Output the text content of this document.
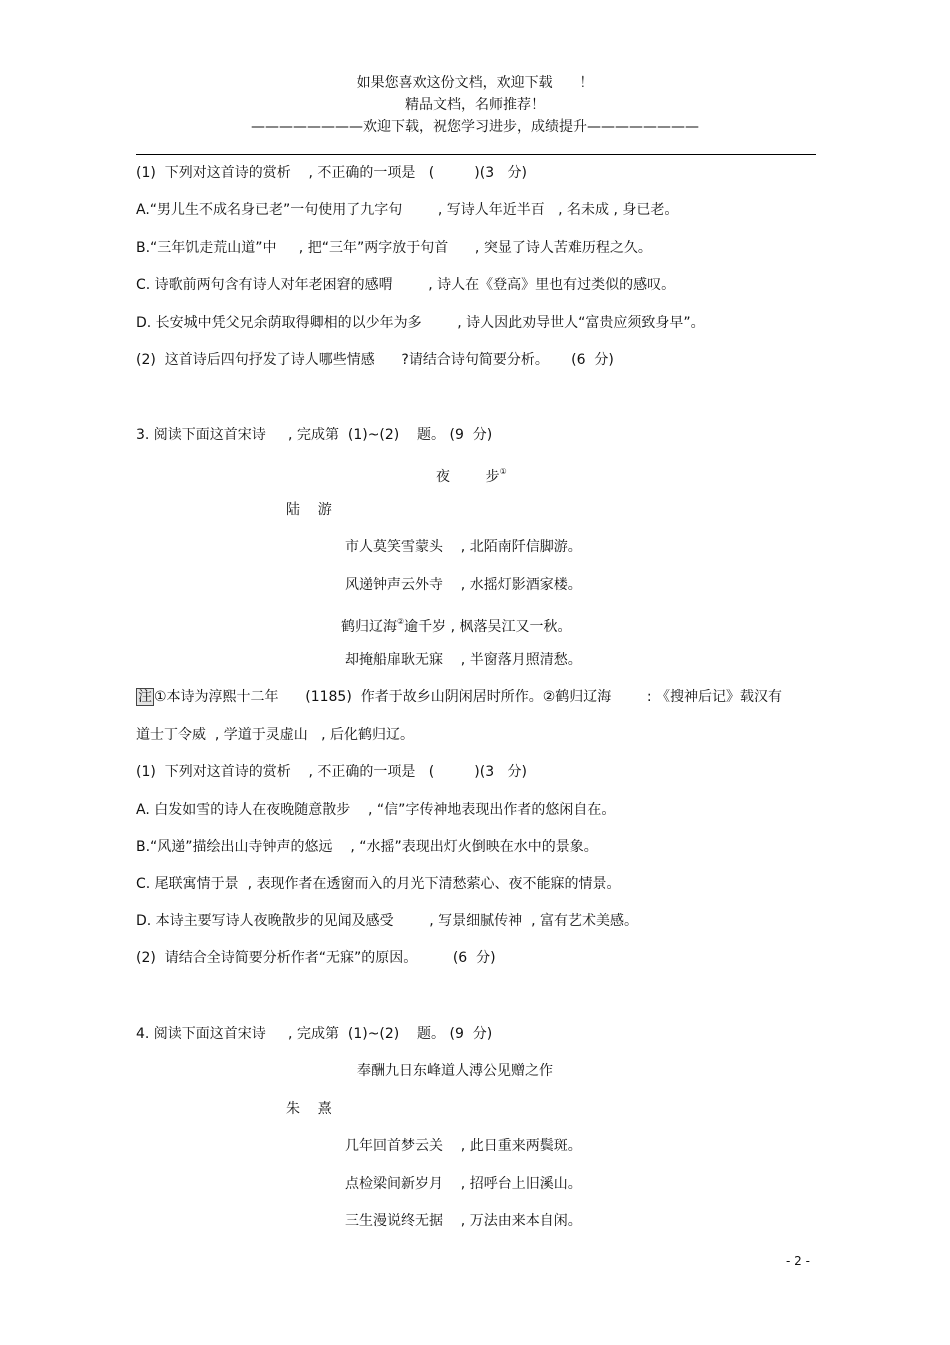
如果您喜欢这份文档，欢迎下载      ！
精品文档，名师推荐！
————————欢迎下载，祝您学习进步，成绩提升————————
(1)  下列对这首诗的赏析    , 不正确的一项是   (         )(3   分)
A.“男儿生不成名身已老”一句使用了九字句        , 写诗人年近半百   , 名未成 , 身已老。
B.“三年饥走荒山道”中     , 把“三年”两字放于句首      , 突显了诗人苦难历程之久。
C. 诗歌前两句含有诗人对年老困窘的感喟        , 诗人在《登高》里也有过类似的感叹。
D. 长安城中凭父兄余荫取得卿相的以少年为多        , 诗人因此劝导世人“富贵应须致身早”。
(2)  这首诗后四句抒发了诗人哪些情感      ?请结合诗句简要分析。     (6  分)
3. 阅读下面这首宋诗     , 完成第  (1)~(2)    题。 (9  分)
夜        步①
陆    游
市人莫笑雪蒙头    , 北陌南阡信脚游。
风递钟声云外寺    , 水摇灯影酒家楼。
鹤归辽海②逾千岁 , 枫落吴江又一秋。
却掩船扉耿无寐    , 半窗落月照清愁。
注 ①本诗为淳熙十二年      (1185)  作者于故乡山阴闲居时所作。②鹤归辽海        : 《搜神后记》载汉有
道士丁令威  , 学道于灵虚山   , 后化鹤归辽。
(1)  下列对这首诗的赏析    , 不正确的一项是   (         )(3   分)
A. 白发如雪的诗人在夜晚随意散步    , “信”字传神地表现出作者的悠闲自在。
B.“风递”描绘出山寺钟声的悠远    , “水摇”表现出灯火倒映在水中的景象。
C. 尾联寓情于景  , 表现作者在透窗而入的月光下清愁萦心、夜不能寐的情景。
D. 本诗主要写诗人夜晚散步的见闻及感受        , 写景细腻传神  , 富有艺术美感。
(2)  请结合全诗简要分析作者“无寐”的原因。        (6  分)
4. 阅读下面这首宋诗     , 完成第  (1)~(2)    题。 (9  分)
奉酬九日东峰道人溥公见赠之作
朱    熹
几年回首梦云关    , 此日重来两鬓斑。
点检梁间新岁月    , 招呼台上旧溪山。
三生漫说终无据    , 万法由来本自闲。
- 2 -
